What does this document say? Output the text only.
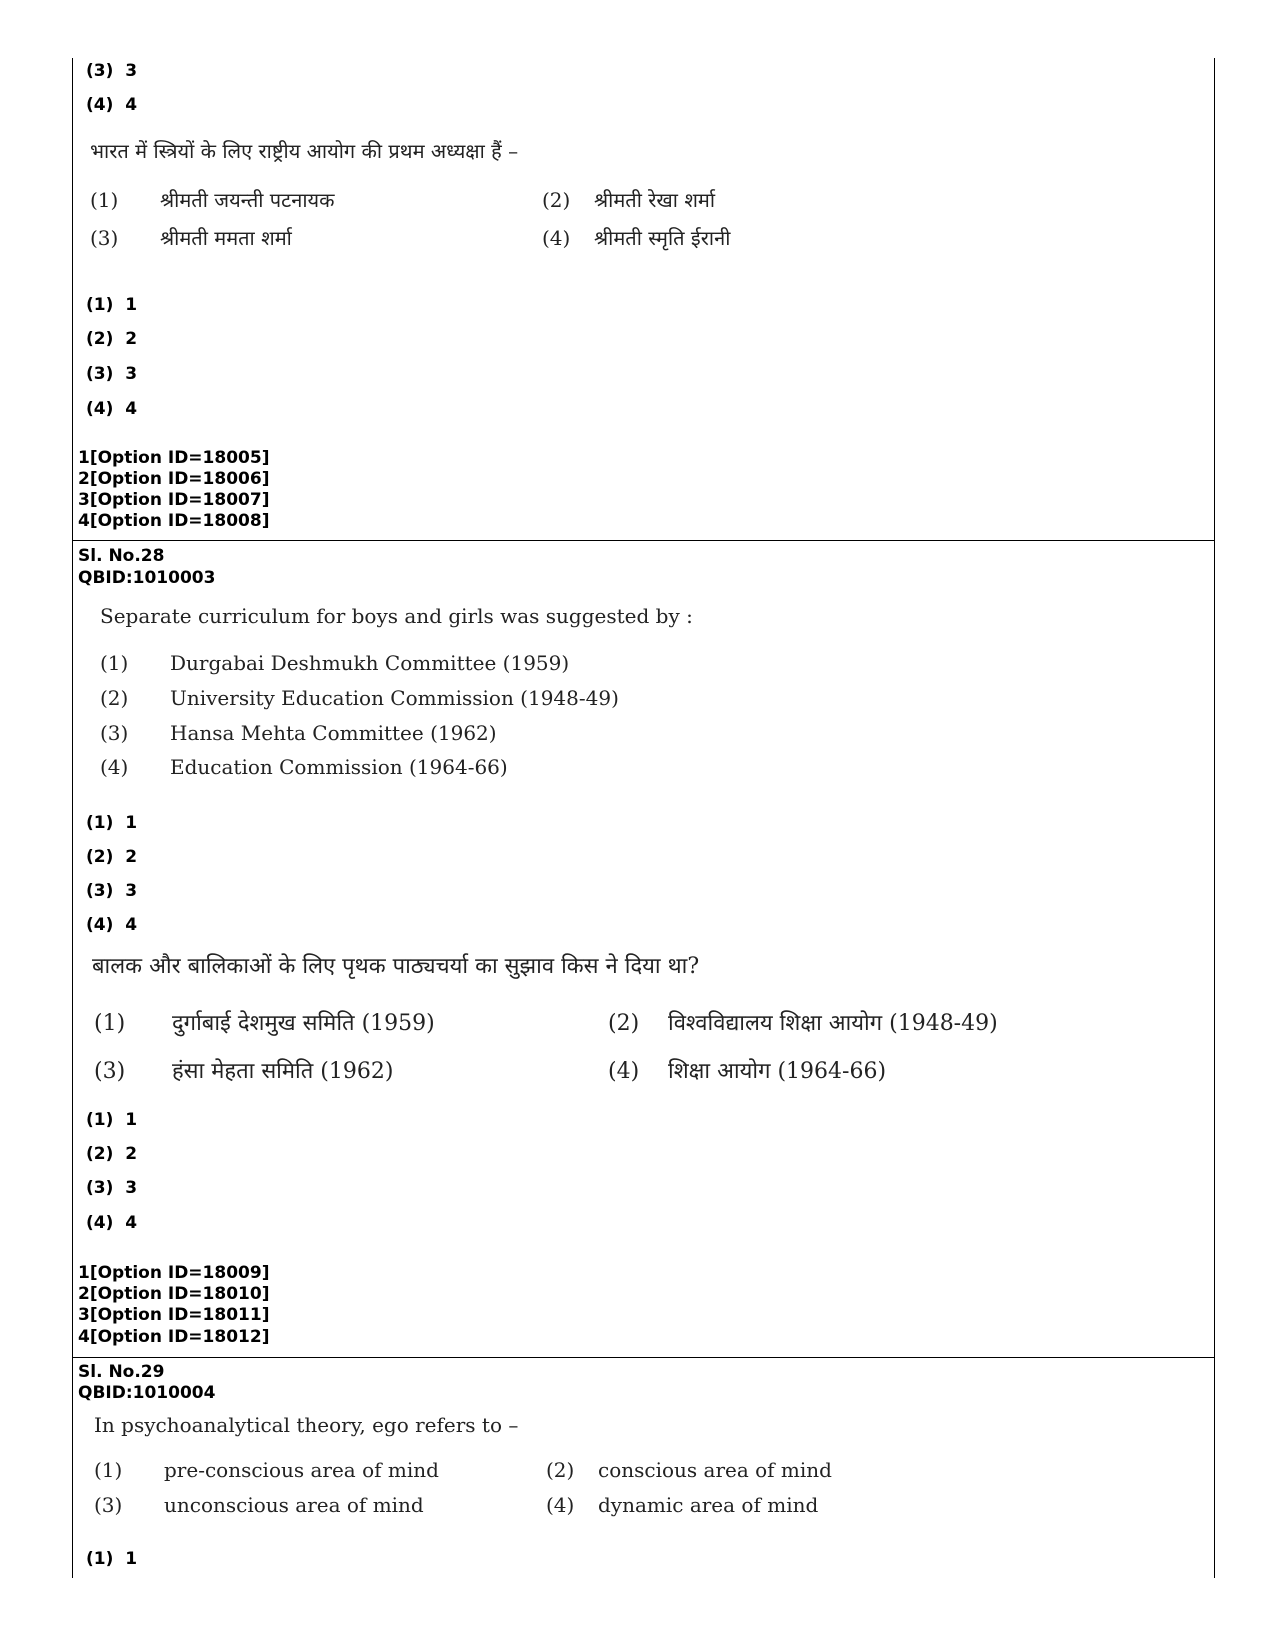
(3) 3
(4) 4
भारत में स्त्रियों के लिए राष्ट्रीय आयोग की प्रथम अध्यक्षा हैं –
(1) श्रीमती जयन्ती पटनायक	(2) श्रीमती रेखा शर्मा
(3) श्रीमती ममता शर्मा	(4) श्रीमती स्मृति ईरानी
(1) 1
(2) 2
(3) 3
(4) 4
1[Option ID=18005]
2[Option ID=18006]
3[Option ID=18007]
4[Option ID=18008]
Sl. No.28
QBID:1010003
Separate curriculum for boys and girls was suggested by :
(1) Durgabai Deshmukh Committee (1959)
(2) University Education Commission (1948-49)
(3) Hansa Mehta Committee (1962)
(4) Education Commission (1964-66)
(1) 1
(2) 2
(3) 3
(4) 4
बालक और बालिकाओं के लिए पृथक पाठ्यचर्या का सुझाव किस ने दिया था?
(1) दुर्गाबाई देशमुख समिति (1959)	(2) विश्वविद्यालय शिक्षा आयोग (1948-49)
(3) हंसा मेहता समिति (1962)	(4) शिक्षा आयोग (1964-66)
(1) 1
(2) 2
(3) 3
(4) 4
1[Option ID=18009]
2[Option ID=18010]
3[Option ID=18011]
4[Option ID=18012]
Sl. No.29
QBID:1010004
In psychoanalytical theory, ego refers to –
(1) pre-conscious area of mind	(2) conscious area of mind
(3) unconscious area of mind	(4) dynamic area of mind
(1) 1
